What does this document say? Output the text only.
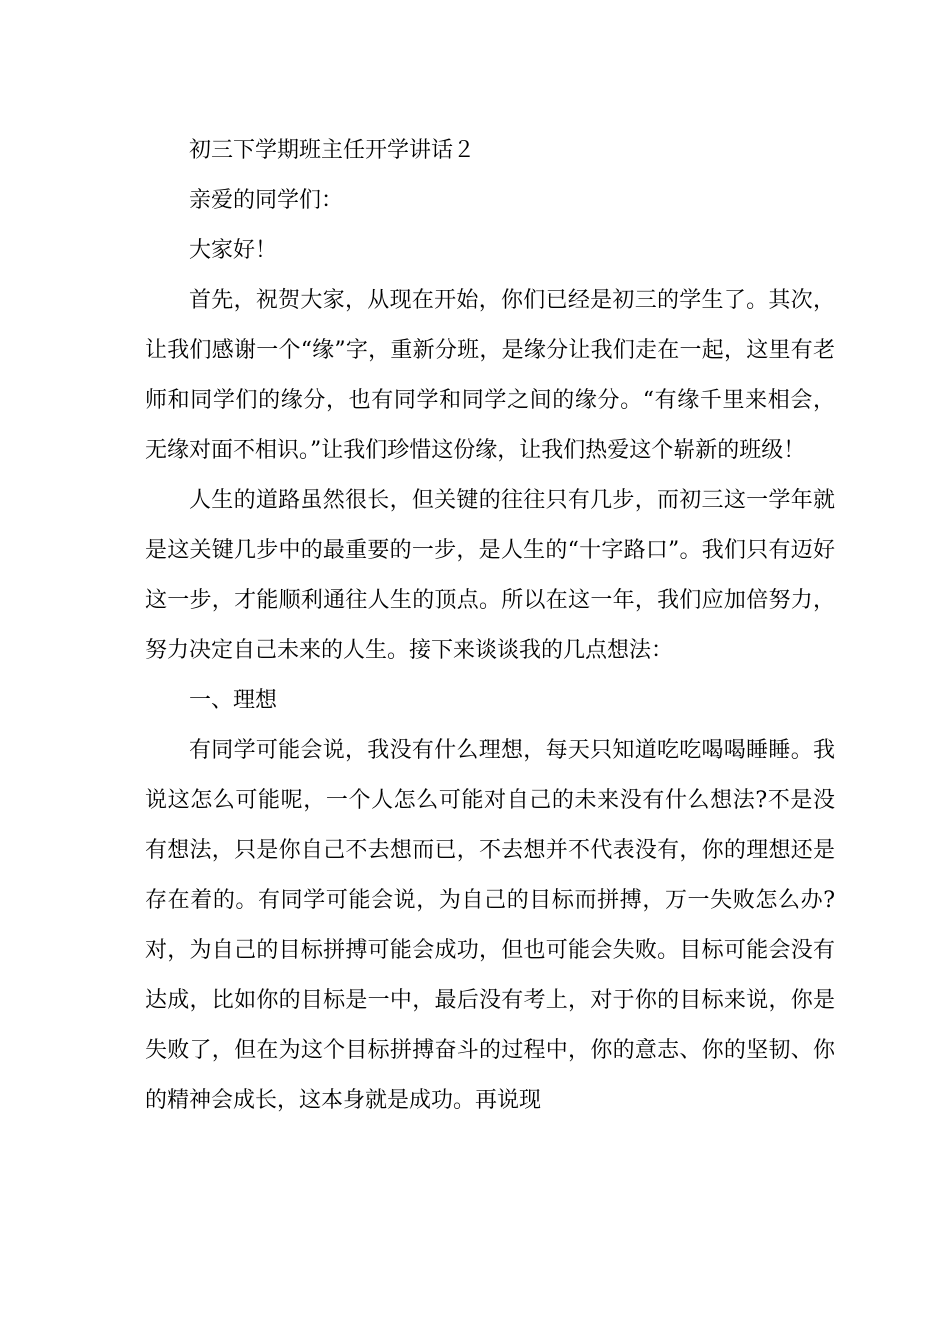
初三下学期班主任开学讲话２

亲爱的同学们：

大家好！

首先，祝贺大家，从现在开始，你们已经是初三的学生了。其次，让我们感谢一个“缘”字，重新分班，是缘分让我们走在一起，这里有老师和同学们的缘分，也有同学和同学之间的缘分。“有缘千里来相会，无缘对面不相识。”让我们珍惜这份缘，让我们热爱这个崭新的班级！

人生的道路虽然很长，但关键的往往只有几步，而初三这一学年就是这关键几步中的最重要的一步，是人生的“十字路口”。我们只有迈好这一步，才能顺利通往人生的顶点。所以在这一年，我们应加倍努力，努力决定自己未来的人生。接下来谈谈我的几点想法：

一、理想

有同学可能会说，我没有什么理想，每天只知道吃吃喝喝睡睡。我说这怎么可能呢，一个人怎么可能对自己的未来没有什么想法?不是没有想法，只是你自己不去想而已，不去想并不代表没有，你的理想还是存在着的。有同学可能会说，为自己的目标而拼搏，万一失败怎么办?对，为自己的目标拼搏可能会成功，但也可能会失败。目标可能会没有达成，比如你的目标是一中，最后没有考上，对于你的目标来说，你是失败了，但在为这个目标拼搏奋斗的过程中，你的意志、你的坚韧、你的精神会成长，这本身就是成功。再说现
